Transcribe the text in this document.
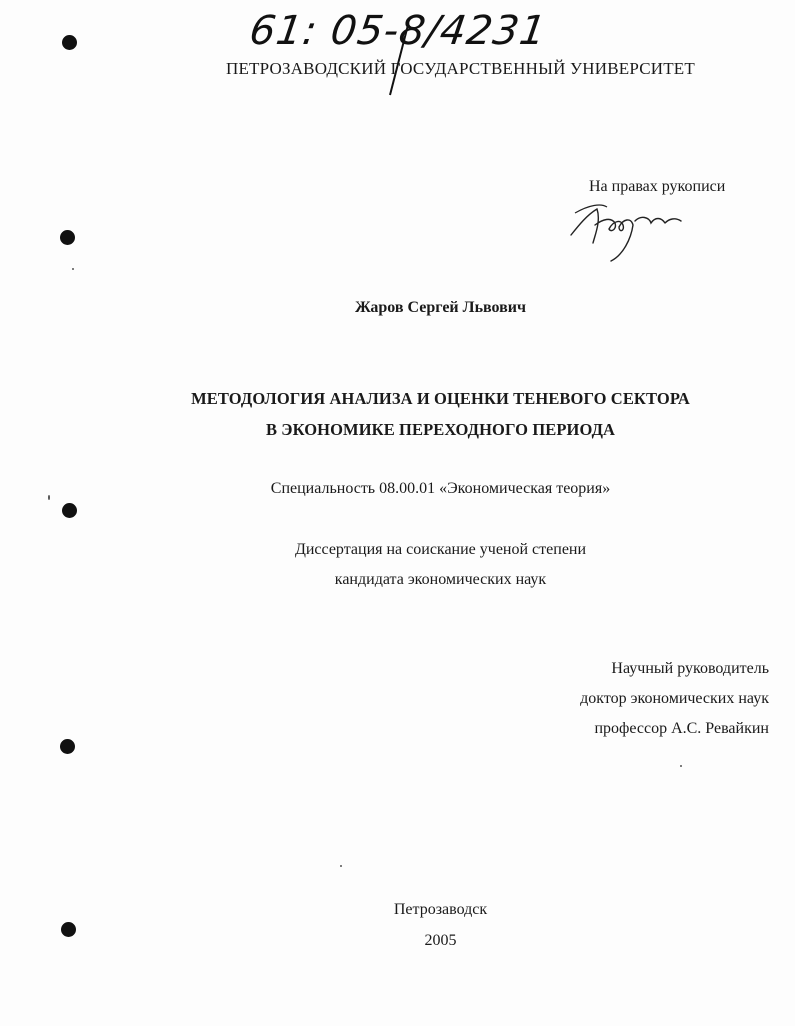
61: 05-8/4231
ПЕТРОЗАВОДСКИЙ ГОСУДАРСТВЕННЫЙ УНИВЕРСИТЕТ
На правах рукописи
Жаров Сергей Львович
МЕТОДОЛОГИЯ АНАЛИЗА И ОЦЕНКИ ТЕНЕВОГО СЕКТОРА
В ЭКОНОМИКЕ ПЕРЕХОДНОГО ПЕРИОДА
Специальность 08.00.01 «Экономическая теория»
Диссертация на соискание ученой степени
кандидата экономических наук
Научный руководитель
доктор экономических наук
профессор А.С. Ревайкин
Петрозаводск
2005
